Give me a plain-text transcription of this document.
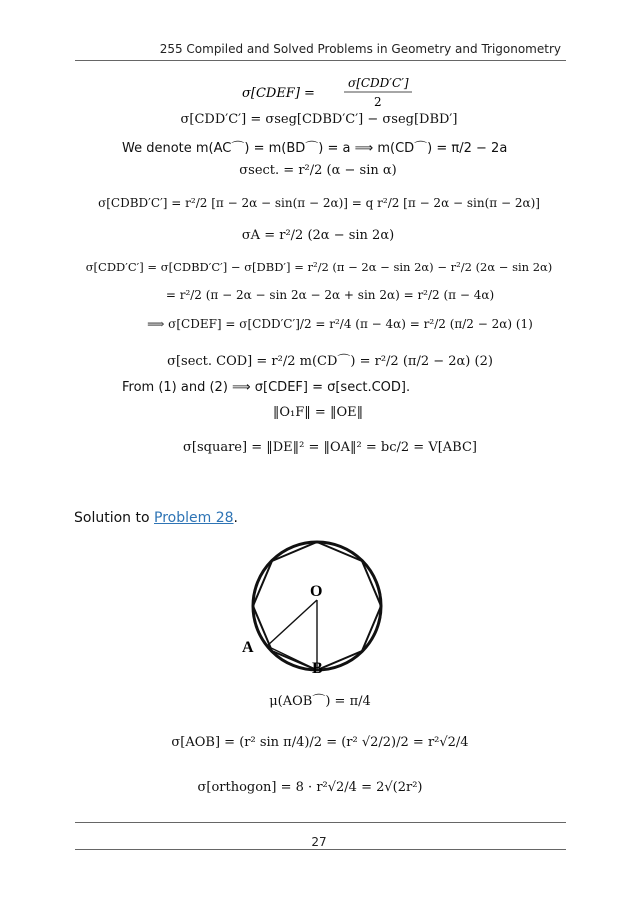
255 Compiled and Solved Problems in Geometry and Trigonometry
σ[CDEF] =
σ[CDD′C′]
2
σ[CDD′C′] = σseg[CDBD′C′] − σseg[DBD′]
We denote m(AC⌒) = m(BD⌒) = a ⟹ m(CD⌒) = π/2 − 2a
σsect. = r²/2 (α − sin α)
σ[CDBD′C′] = r²/2 [π − 2α − sin(π − 2α)] = q r²/2 [π − 2α − sin(π − 2α)]
σA = r²/2 (2α − sin 2α)
σ[CDD′C′] = σ[CDBD′C′] − σ[DBD′] = r²/2 (π − 2α − sin 2α) − r²/2 (2α − sin 2α)
= r²/2 (π − 2α − sin 2α − 2α + sin 2α) = r²/2 (π − 4α)
⟹ σ[CDEF] = σ[CDD′C′]/2 = r²/4 (π − 4α) = r²/2 (π/2 − 2α) (1)
σ[sect. COD] = r²/2 m(CD⌒) = r²/2 (π/2 − 2α) (2)
From (1) and (2) ⟹ σ[CDEF] = σ[sect.COD].
‖O₁F‖ = ‖OE‖
σ[square] = ‖DE‖² = ‖OA‖² = bc/2 = V[ABC]
Solution to Problem 28.
O
A
B
μ(AOB⌒) = π/4
σ[AOB] = (r² sin π/4)/2 = (r² √2/2)/2 = r²√2/4
σ[orthogon] = 8 · r²√2/4 = 2√(2r²)
27
